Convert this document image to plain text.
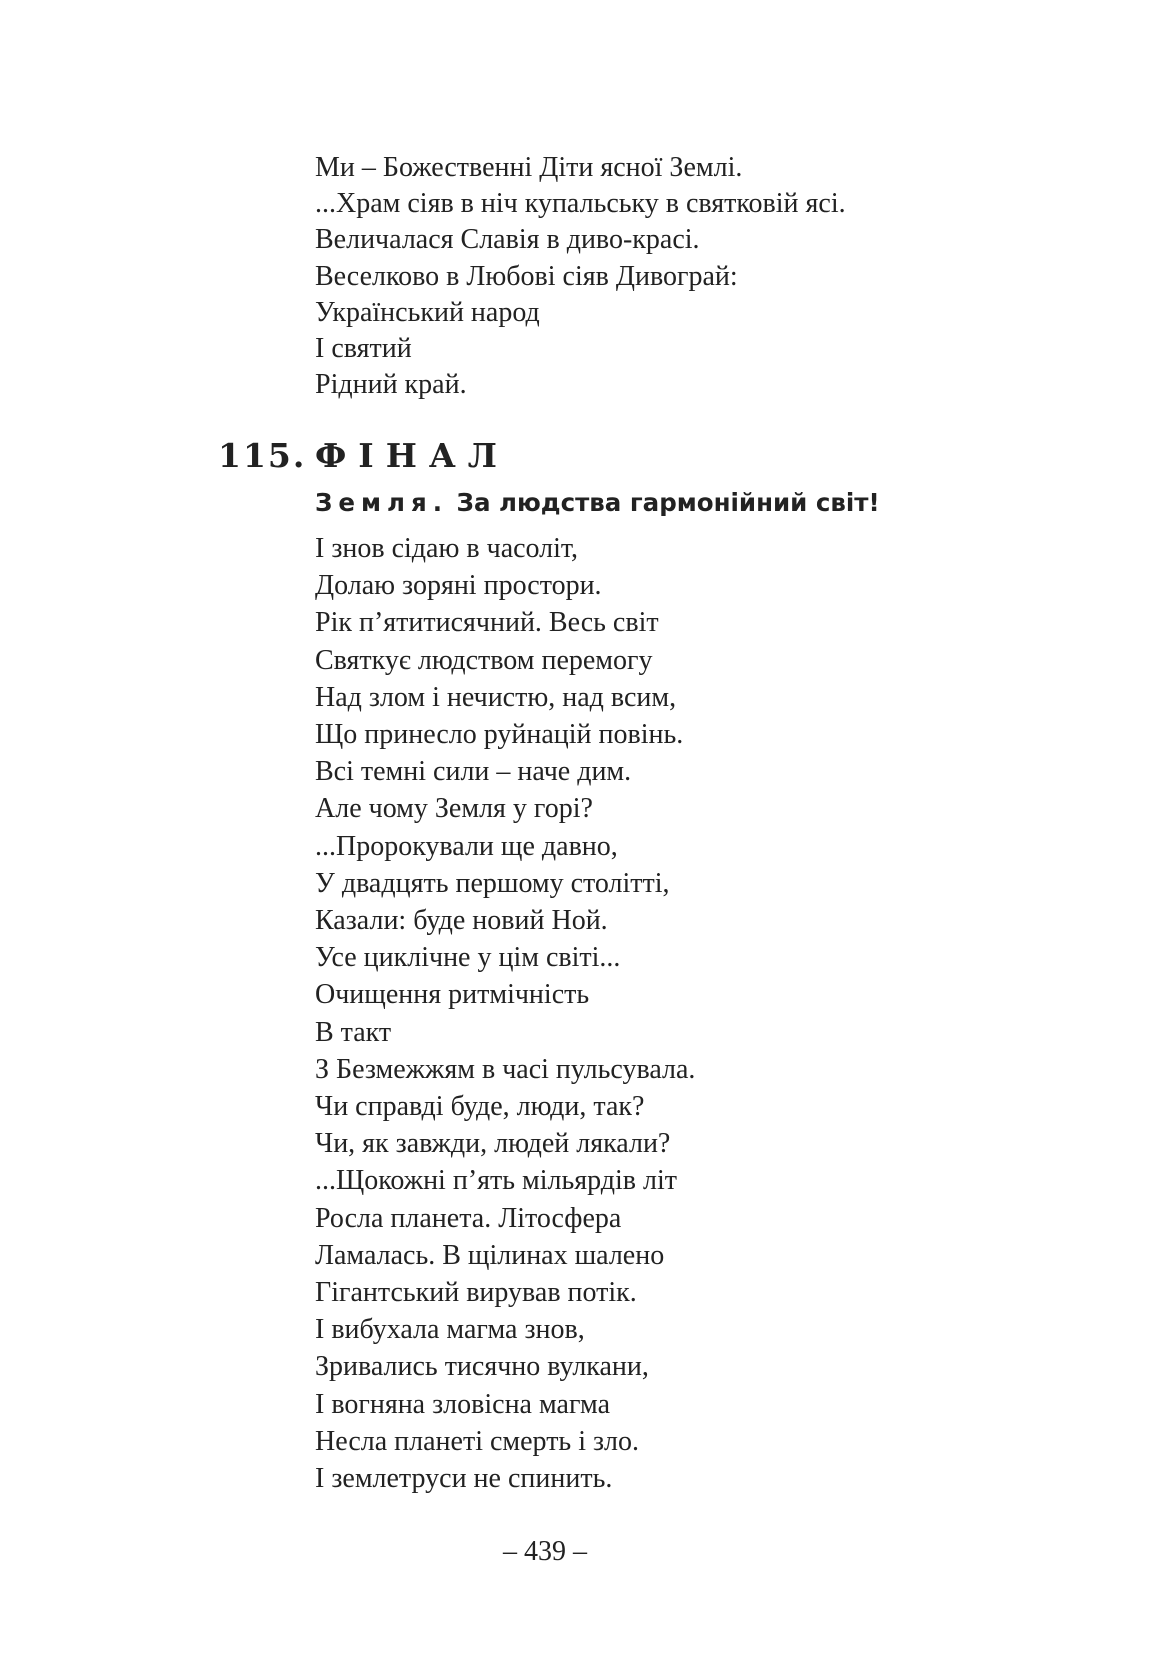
Ми – Божественні Діти ясної Землі.
...Храм сіяв в ніч купальську в святковій ясі.
Величалася Славія в диво-красі.
Веселково в Любові сіяв Дивограй:
Український народ
І святий
Рідний край.
115. ФІНАЛ
Земля. За людства гармонійний світ!
І знов сідаю в часоліт,
Долаю зоряні простори.
Рік п’ятитисячний. Весь світ
Святкує людством перемогу
Над злом і нечистю, над всим,
Що принесло руйнацій повінь.
Всі темні сили – наче дим.
Але чому Земля у горі?
...Пророкували ще давно,
У двадцять першому столітті,
Казали: буде новий Ной.
Усе циклічне у цім світі...
Очищення ритмічність
В такт
З Безмежжям в часі пульсувала.
Чи справді буде, люди, так?
Чи, як завжди, людей лякали?
...Щокожні п’ять мільярдів літ
Росла планета. Літосфера
Ламалась. В щілинах шалено
Гігантський вирував потік.
І вибухала магма знов,
Зривались тисячно вулкани,
І вогняна зловісна магма
Несла планеті смерть і зло.
І землетруси не спинить.
– 439 –
